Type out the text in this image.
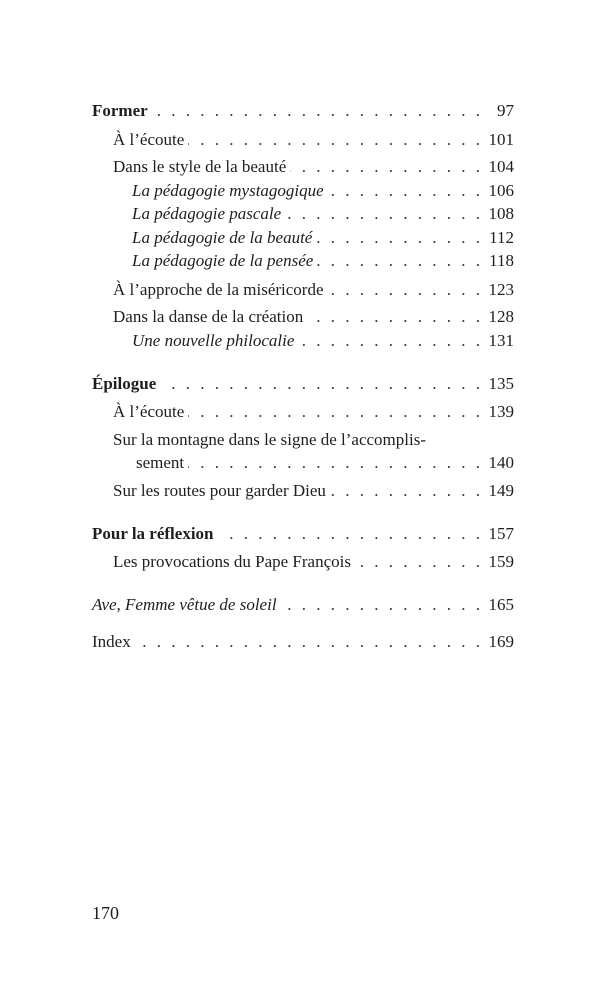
Former . . .	97
À l’écoute . . .	101
Dans le style de la beauté . . .	104
La pédagogie mystagogique . . .	106
La pédagogie pascale . . .	108
La pédagogie de la beauté . . .	112
La pédagogie de la pensée . . .	118
À l’approche de la miséricorde . . .	123
Dans la danse de la création . . .	128
Une nouvelle philocalie . . .	131
Épilogue . . .	135
À l’écoute . . .	139
Sur la montagne dans le signe de l’accomplis-
sement . . .	140
Sur les routes pour garder Dieu . . .	149
Pour la réflexion . . .	157
Les provocations du Pape François . . .	159
Ave, Femme vêtue de soleil . . .	165
Index . . .	169
170
